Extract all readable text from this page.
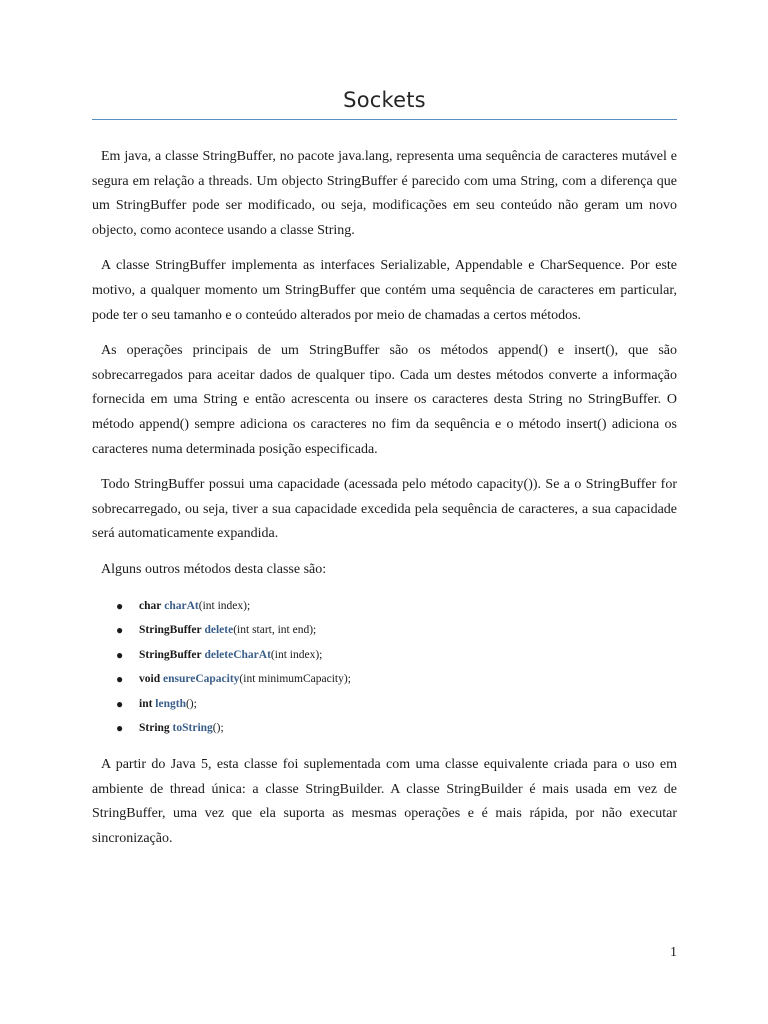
Sockets

Em java, a classe StringBuffer, no pacote java.lang, representa uma sequência de caracteres mutável e segura em relação a threads. Um objecto StringBuffer é parecido com uma String, com a diferença que um StringBuffer pode ser modificado, ou seja, modificações em seu conteúdo não geram um novo objecto, como acontece usando a classe String.

A classe StringBuffer implementa as interfaces Serializable, Appendable e CharSequence. Por este motivo, a qualquer momento um StringBuffer que contém uma sequência de caracteres em particular, pode ter o seu tamanho e o conteúdo alterados por meio de chamadas a certos métodos.

As operações principais de um StringBuffer são os métodos append() e insert(), que são sobrecarregados para aceitar dados de qualquer tipo. Cada um destes métodos converte a informação fornecida em uma String e então acrescenta ou insere os caracteres desta String no StringBuffer. O método append() sempre adiciona os caracteres no fim da sequência e o método insert() adiciona os caracteres numa determinada posição especificada.

Todo StringBuffer possui uma capacidade (acessada pelo método capacity()). Se a o StringBuffer for sobrecarregado, ou seja, tiver a sua capacidade excedida pela sequência de caracteres, a sua capacidade será automaticamente expandida.

Alguns outros métodos desta classe são:

● char charAt(int index);
● StringBuffer delete(int start, int end);
● StringBuffer deleteCharAt(int index);
● void ensureCapacity(int minimumCapacity);
● int length();
● String toString();

A partir do Java 5, esta classe foi suplementada com uma classe equivalente criada para o uso em ambiente de thread única: a classe StringBuilder. A classe StringBuilder é mais usada em vez de StringBuffer, uma vez que ela suporta as mesmas operações e é mais rápida, por não executar sincronização.

1
